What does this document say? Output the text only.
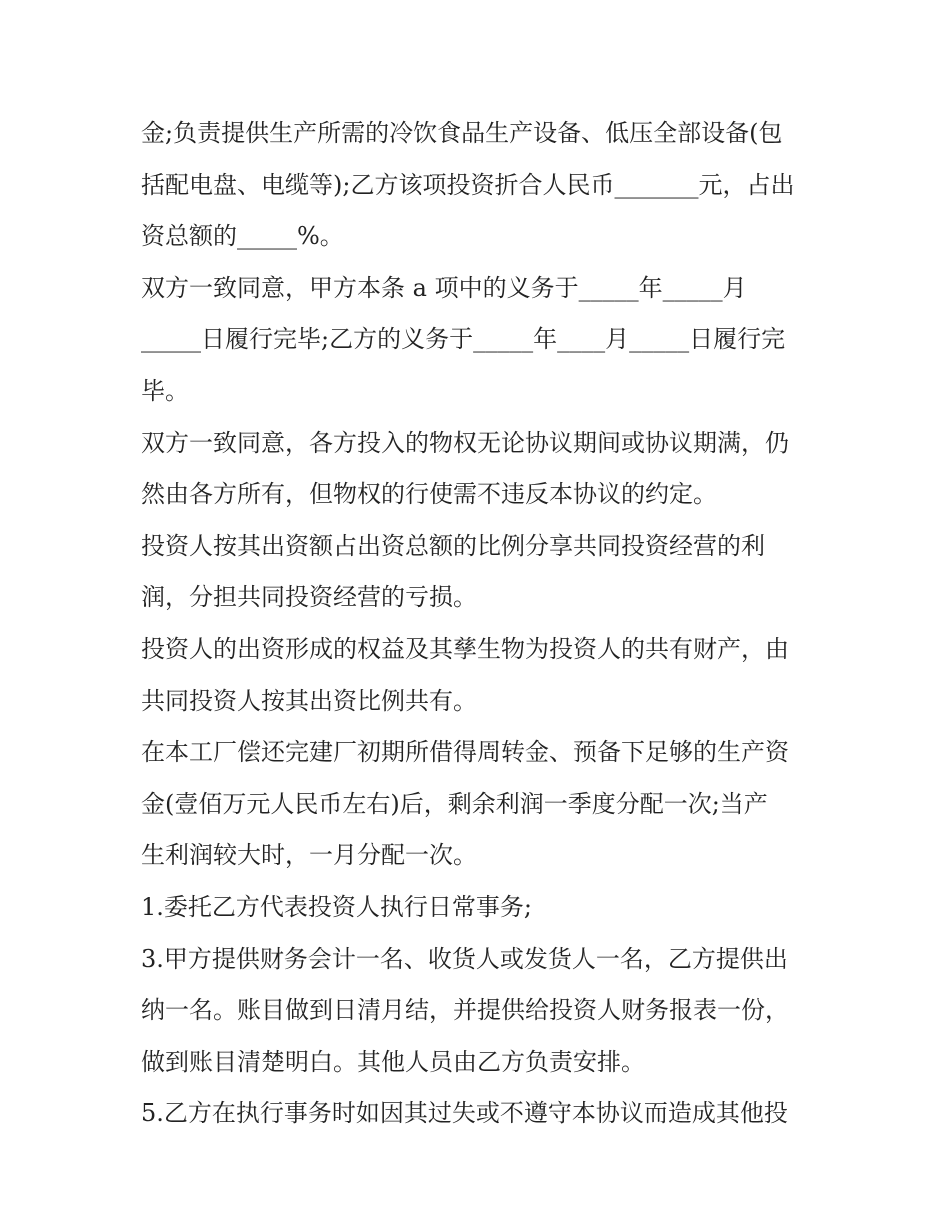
金;负责提供生产所需的冷饮食品生产设备、低压全部设备(包
括配电盘、电缆等);乙方该项投资折合人民币_______元，占出
资总额的_____%。
双方一致同意，甲方本条 a 项中的义务于_____年_____月
_____日履行完毕;乙方的义务于_____年____月_____日履行完
毕。
双方一致同意，各方投入的物权无论协议期间或协议期满，仍
然由各方所有，但物权的行使需不违反本协议的约定。
投资人按其出资额占出资总额的比例分享共同投资经营的利
润，分担共同投资经营的亏损。
投资人的出资形成的权益及其孳生物为投资人的共有财产，由
共同投资人按其出资比例共有。
在本工厂偿还完建厂初期所借得周转金、预备下足够的生产资
金(壹佰万元人民币左右)后，剩余利润一季度分配一次;当产
生利润较大时，一月分配一次。
1.委托乙方代表投资人执行日常事务;
3.甲方提供财务会计一名、收货人或发货人一名，乙方提供出
纳一名。账目做到日清月结，并提供给投资人财务报表一份，
做到账目清楚明白。其他人员由乙方负责安排。
5.乙方在执行事务时如因其过失或不遵守本协议而造成其他投
